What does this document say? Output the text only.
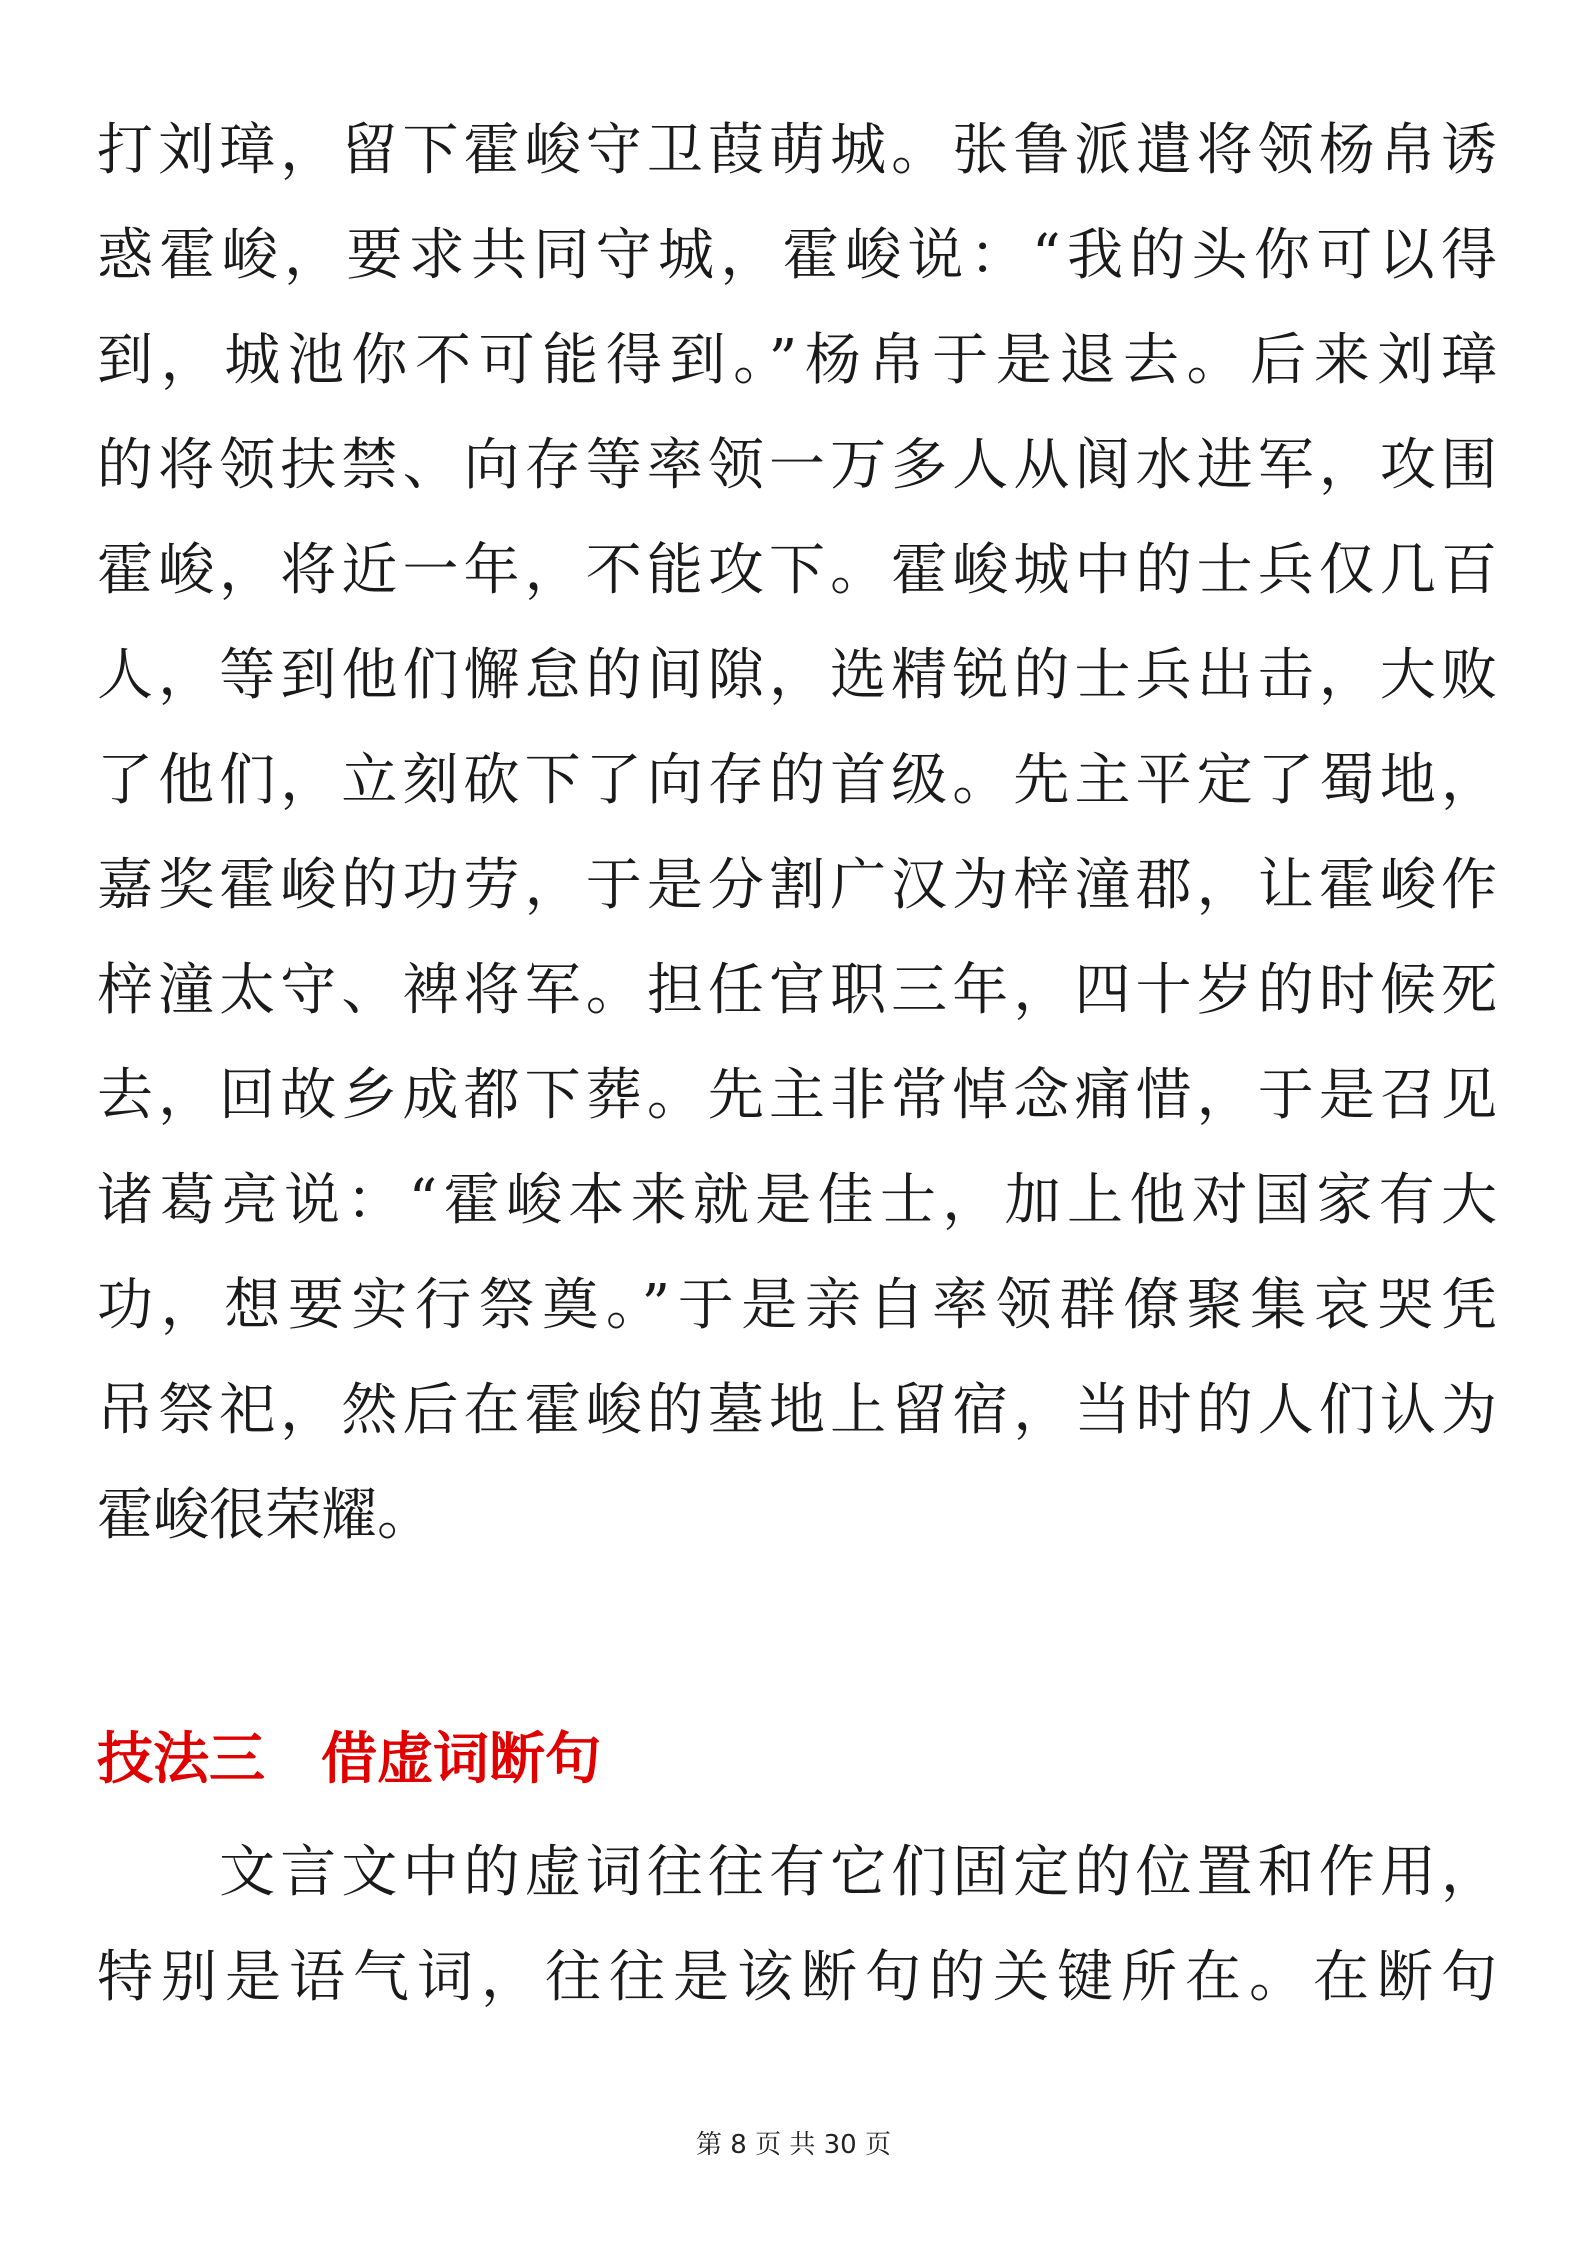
打刘璋，留下霍峻守卫葭萌城。张鲁派遣将领杨帛诱
惑霍峻，要求共同守城，霍峻说：“我的头你可以得
到，城池你不可能得到。”杨帛于是退去。后来刘璋
的将领扶禁、向存等率领一万多人从阆水进军，攻围
霍峻，将近一年，不能攻下。霍峻城中的士兵仅几百
人，等到他们懈怠的间隙，选精锐的士兵出击，大败
了他们，立刻砍下了向存的首级。先主平定了蜀地，
嘉奖霍峻的功劳，于是分割广汉为梓潼郡，让霍峻作
梓潼太守、裨将军。担任官职三年，四十岁的时候死
去，回故乡成都下葬。先主非常悼念痛惜，于是召见
诸葛亮说：“霍峻本来就是佳士，加上他对国家有大
功，想要实行祭奠。”于是亲自率领群僚聚集哀哭凭
吊祭祀，然后在霍峻的墓地上留宿，当时的人们认为
霍峻很荣耀。
技法三　借虚词断句
　　文言文中的虚词往往有它们固定的位置和作用，
特别是语气词，往往是该断句的关键所在。在断句
第 8 页 共 30 页
